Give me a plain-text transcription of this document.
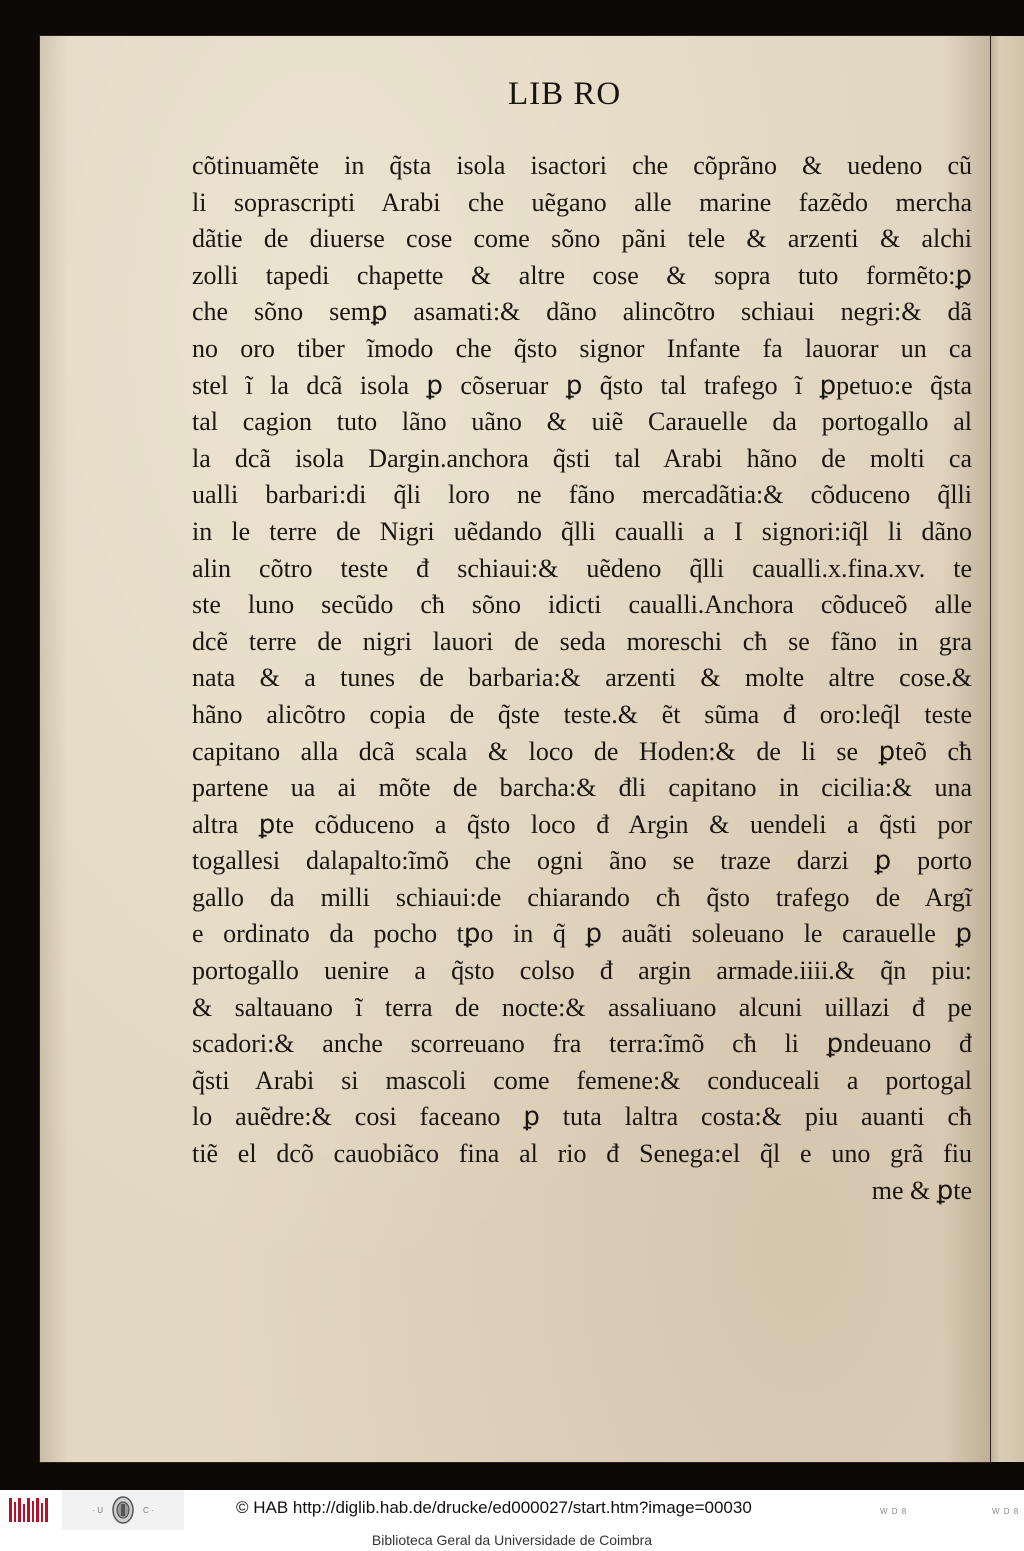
LIB RO
cõtinuamẽte in q̃sta isola isactori che cõprãno & uedeno cũ
li soprascripti Arabi che uẽgano alle marine fazẽdo mercha
dãtie de diuerse cose come sõno pãni tele & arzenti & alchi
zolli tapedi chapette & altre cose & sopra tuto formẽto:ꝑ
che sõno semꝑ asamati:& dãno alincõtro schiaui negri:& dã
no oro tiber ĩmodo che q̃sto signor Infante fa lauorar un ca
stel ĩ la dcã isola ꝑ cõseruar ꝑ q̃sto tal trafego ĩ ꝑpetuo:e q̃sta
tal cagion tuto lãno uãno & uiẽ Carauelle da portogallo al
la dcã isola Dargin.anchora q̃sti tal Arabi hãno de molti ca
ualli barbari:di q̃li loro ne fãno mercadãtia:& cõduceno q̃lli
in le terre de Nigri uẽdando q̃lli caualli a I signori:iq̃l li dãno
alin cõtro teste đ schiaui:& uẽdeno q̃lli caualli.x.fina.xv. te
ste luno secũdo cħ sõno idicti caualli.Anchora cõduceõ alle
dcẽ terre de nigri lauori de seda moreschi cħ se fãno in gra
nata & a tunes de barbaria:& arzenti & molte altre cose.&
hãno alicõtro copia de q̃ste teste.& ẽt sũma đ oro:leq̃l teste
capitano alla dcã scala & loco de Hoden:& de li se ꝑteõ cħ
partene ua ai mõte de barcha:& đli capitano in cicilia:& una
altra ꝑte cõduceno a q̃sto loco đ Argin & uendeli a q̃sti por
togallesi dalapalto:ĩmõ che ogni ãno se traze darzi ꝑ porto
gallo da milli schiaui:de chiarando cħ q̃sto trafego de Argĩ
e ordinato da pocho tꝑo in q̃ ꝑ auãti soleuano le carauelle ꝑ
portogallo uenire a q̃sto colso đ argin armade.iiii.& q̃n piu:
& saltauano ĩ terra de nocte:& assaliuano alcuni uillazi đ pe
scadori:& anche scorreuano fra terra:ĩmõ cħ li ꝑndeuano đ
q̃sti Arabi si mascoli come femene:& conduceali a portogal
lo auẽdre:& cosi faceano ꝑ tuta laltra costa:& piu auanti cħ
tiẽ el dcõ cauobiãco fina al rio đ Senega:el q̃l e uno grã fiu
me & ꝑte
· U	C ·	© HAB http://diglib.hab.de/drucke/ed000027/start.htm?image=00030	W D 8	W D 8
Biblioteca Geral da Universidade de Coimbra
